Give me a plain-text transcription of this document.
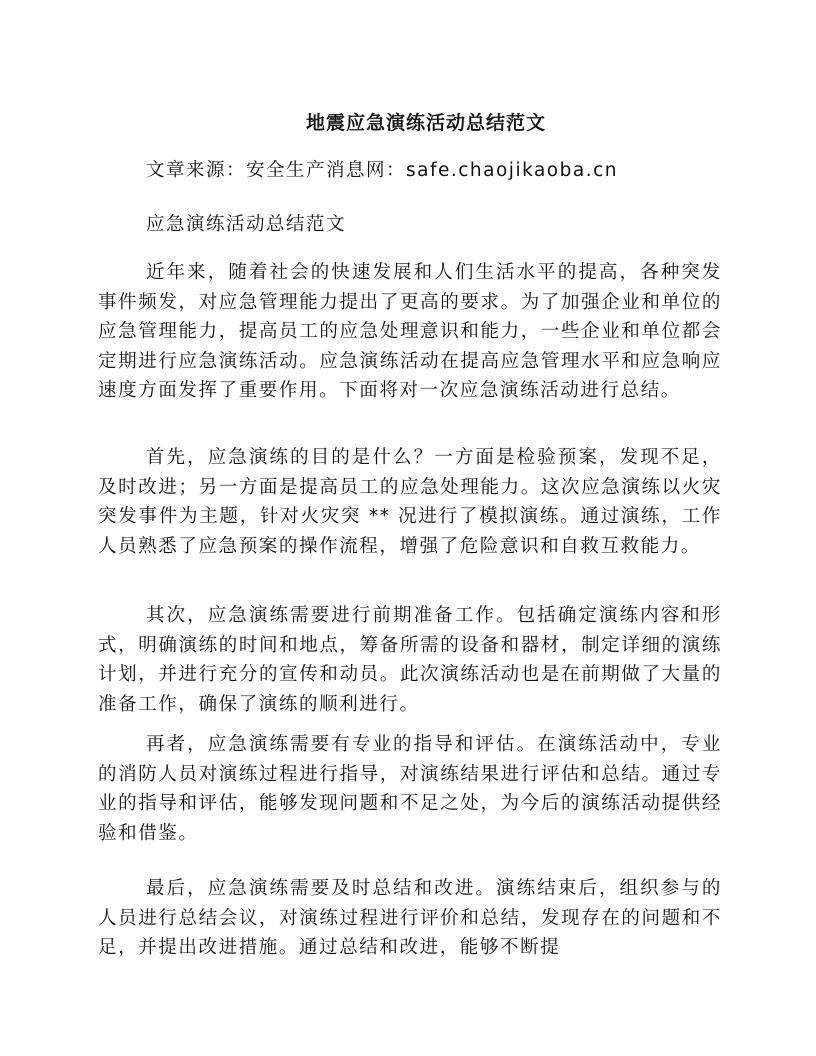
地震应急演练活动总结范文
文章来源：安全生产消息网：safe.chaojikaoba.cn
应急演练活动总结范文
近年来，随着社会的快速发展和人们生活水平的提高，各种突发事件频发，对应急管理能力提出了更高的要求。为了加强企业和单位的应急管理能力，提高员工的应急处理意识和能力，一些企业和单位都会定期进行应急演练活动。应急演练活动在提高应急管理水平和应急响应速度方面发挥了重要作用。下面将对一次应急演练活动进行总结。
首先，应急演练的目的是什么？一方面是检验预案，发现不足，及时改进；另一方面是提高员工的应急处理能力。这次应急演练以火灾突发事件为主题，针对火灾突 ** 况进行了模拟演练。通过演练，工作人员熟悉了应急预案的操作流程，增强了危险意识和自救互救能力。
其次，应急演练需要进行前期准备工作。包括确定演练内容和形式，明确演练的时间和地点，筹备所需的设备和器材，制定详细的演练计划，并进行充分的宣传和动员。此次演练活动也是在前期做了大量的准备工作，确保了演练的顺利进行。
再者，应急演练需要有专业的指导和评估。在演练活动中，专业的消防人员对演练过程进行指导，对演练结果进行评估和总结。通过专业的指导和评估，能够发现问题和不足之处，为今后的演练活动提供经验和借鉴。
最后，应急演练需要及时总结和改进。演练结束后，组织参与的人员进行总结会议，对演练过程进行评价和总结，发现存在的问题和不足，并提出改进措施。通过总结和改进，能够不断提
